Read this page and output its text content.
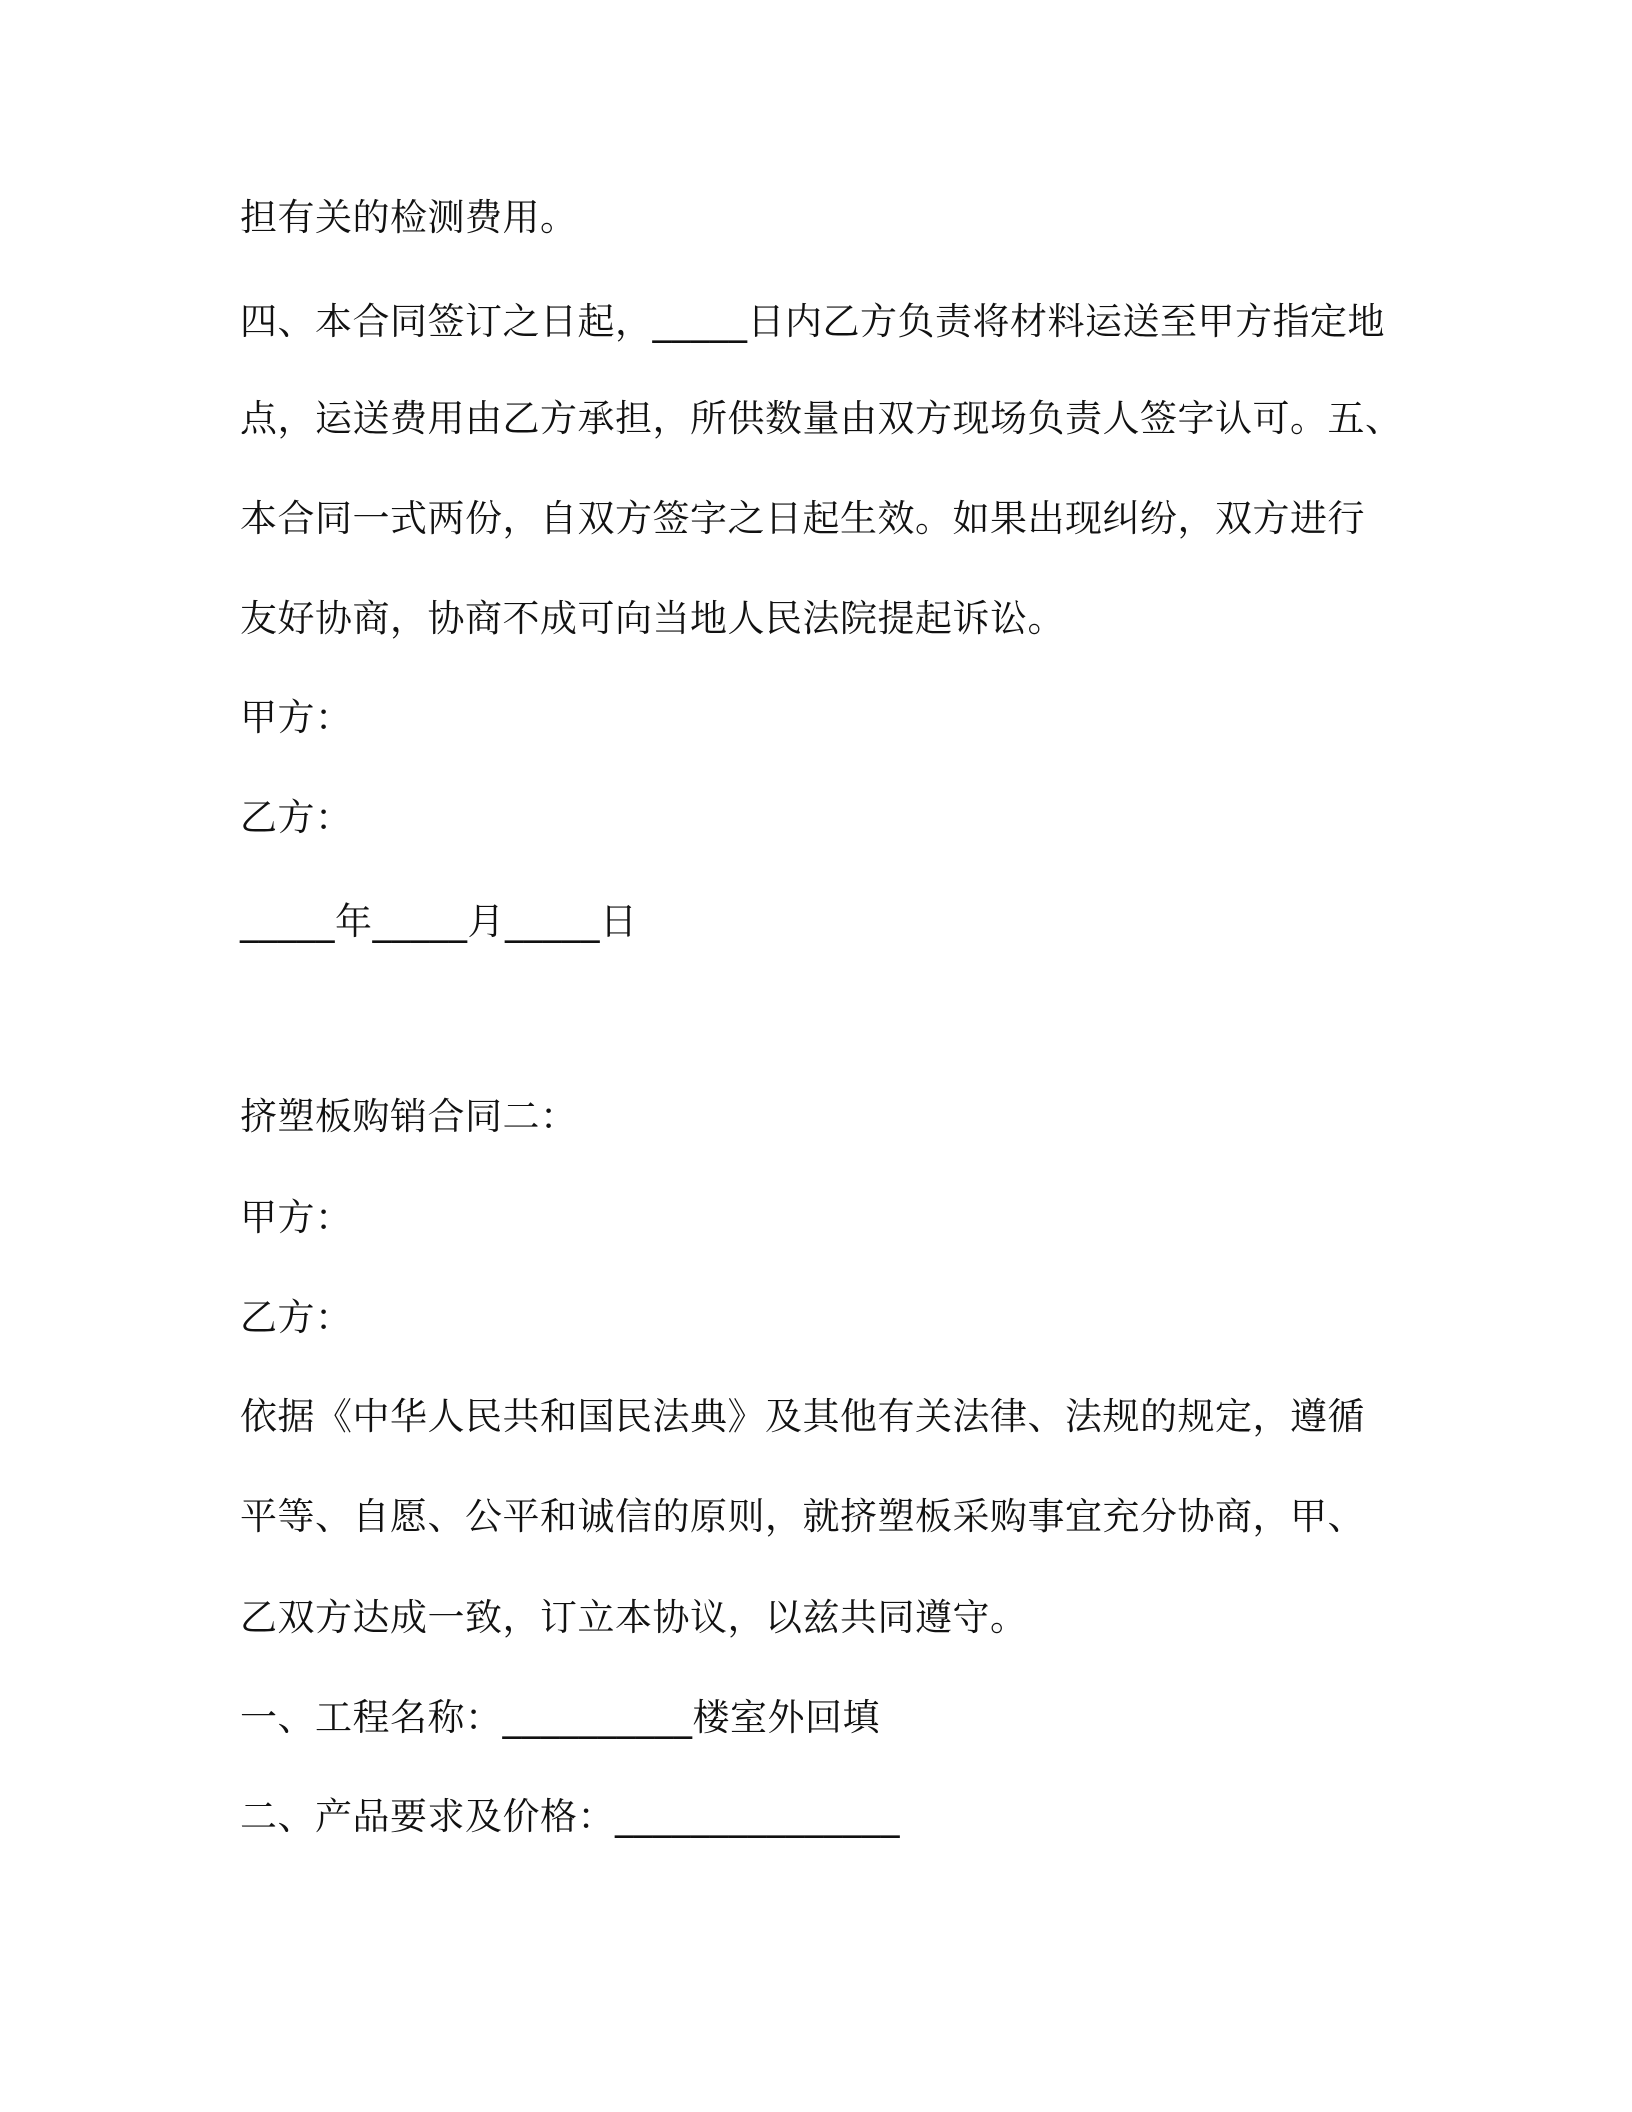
担有关的检测费用。

四、本合同签订之日起，_____日内乙方负责将材料运送至甲方指定地

点，运送费用由乙方承担，所供数量由双方现场负责人签字认可。五、

本合同一式两份，自双方签字之日起生效。如果出现纠纷，双方进行

友好协商，协商不成可向当地人民法院提起诉讼。

甲方：

乙方：

_____年_____月_____日

挤塑板购销合同二：

甲方：

乙方：

依据《中华人民共和国民法典》及其他有关法律、法规的规定，遵循

平等、自愿、公平和诚信的原则，就挤塑板采购事宜充分协商，甲、

乙双方达成一致，订立本协议，以兹共同遵守。

一、工程名称：__________楼室外回填

二、产品要求及价格：_______________
